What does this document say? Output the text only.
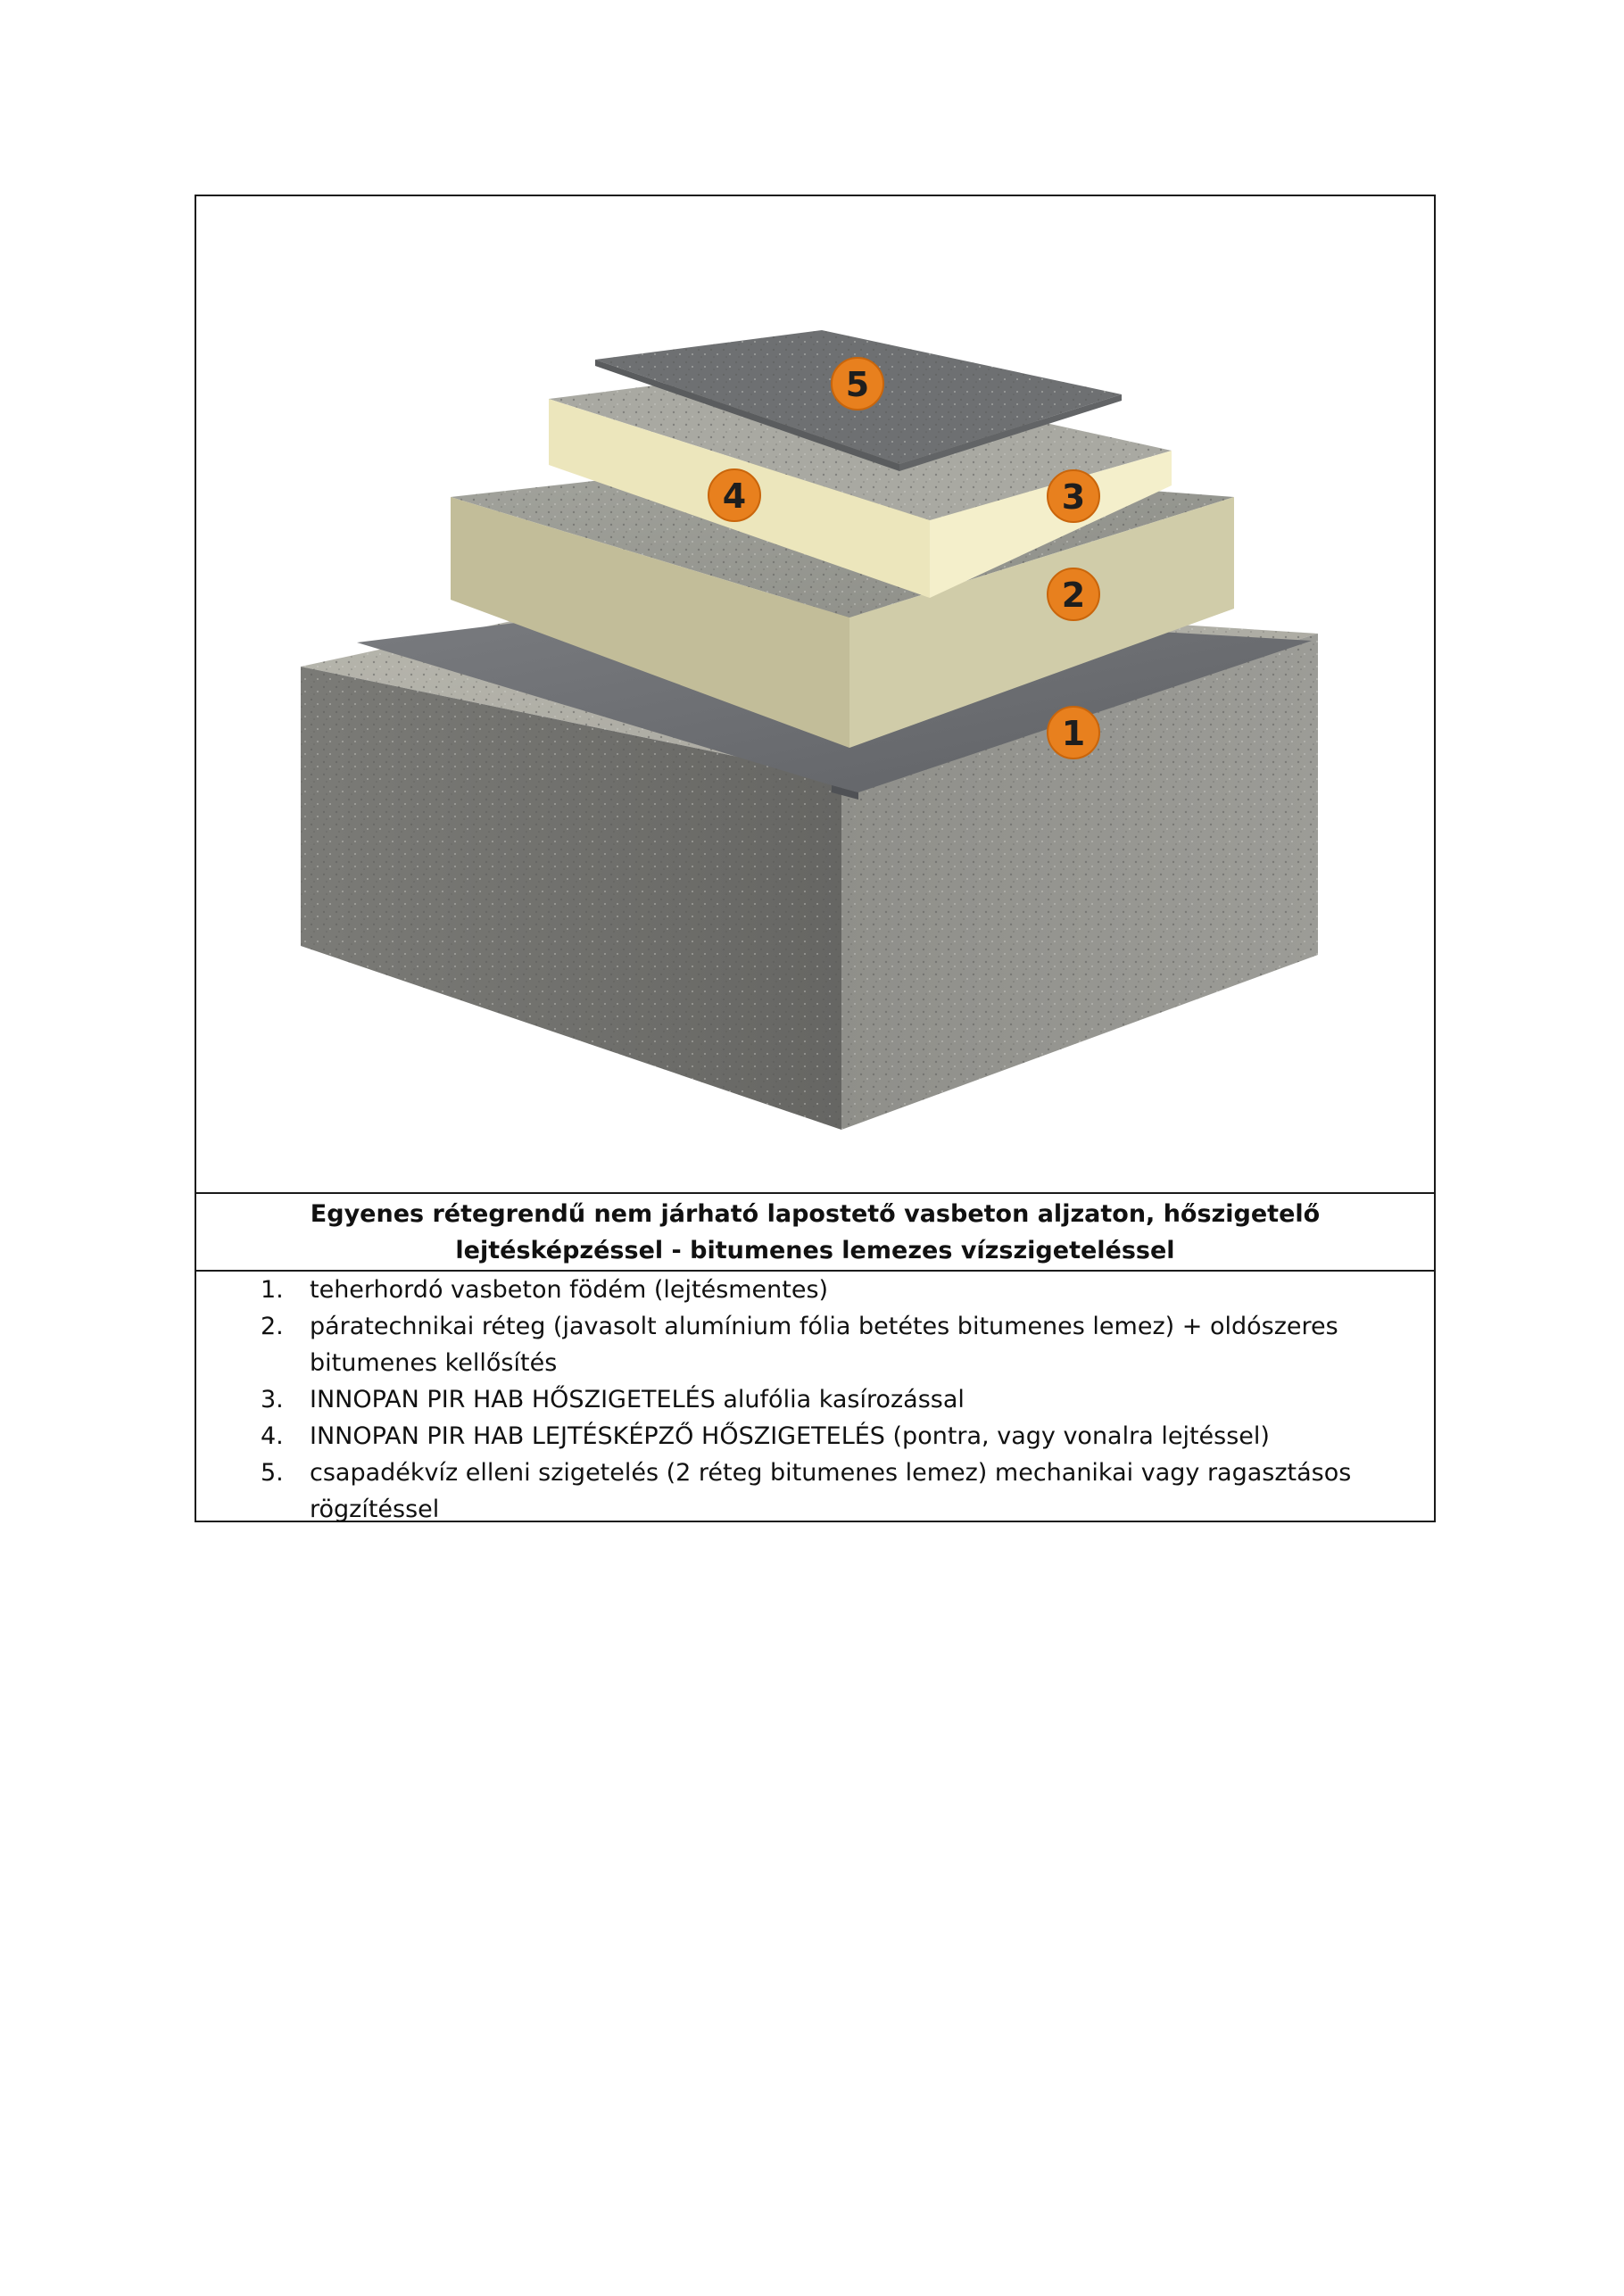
1
2
3
4
5
Egyenes rétegrendű nem járható lapostető vasbeton aljzaton, hőszigetelő lejtésképzéssel - bitumenes lemezes vízszigeteléssel
1. teherhordó vasbeton födém (lejtésmentes)
2. páratechnikai réteg (javasolt alumínium fólia betétes bitumenes lemez) + oldószeres bitumenes kellősítés
3. INNOPAN PIR HAB HŐSZIGETELÉS alufólia kasírozással
4. INNOPAN PIR HAB LEJTÉSKÉPZŐ HŐSZIGETELÉS (pontra, vagy vonalra lejtéssel)
5. csapadékvíz elleni szigetelés (2 réteg bitumenes lemez) mechanikai vagy ragasztásos rögzítéssel
